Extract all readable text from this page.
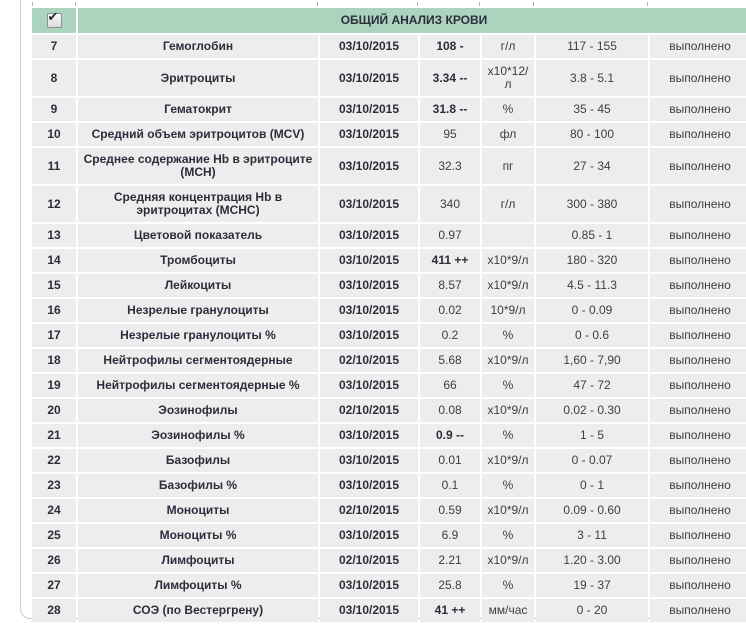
✔	ОБЩИЙ АНАЛИЗ КРОВИ					
7	Гемоглобин	03/10/2015	108 -	г/л	117 - 155	выполнено
8	Эритроциты	03/10/2015	3.34 --	х10*12/л	3.8 - 5.1	выполнено
9	Гематокрит	03/10/2015	31.8 --	%	35 - 45	выполнено
10	Средний объем эритроцитов (MCV)	03/10/2015	95	фл	80 - 100	выполнено
11	Среднее содержание Hb в эритроците (MCH)	03/10/2015	32.3	пг	27 - 34	выполнено
12	Средняя концентрация Hb в эритроцитах (MCHC)	03/10/2015	340	г/л	300 - 380	выполнено
13	Цветовой показатель	03/10/2015	0.97		0.85 - 1	выполнено
14	Тромбоциты	03/10/2015	411 ++	х10*9/л	180 - 320	выполнено
15	Лейкоциты	03/10/2015	8.57	х10*9/л	4.5 - 11.3	выполнено
16	Незрелые гранулоциты	03/10/2015	0.02	10*9/л	0 - 0.09	выполнено
17	Незрелые гранулоциты %	03/10/2015	0.2	%	0 - 0.6	выполнено
18	Нейтрофилы сегментоядерные	02/10/2015	5.68	х10*9/л	1,60 - 7,90	выполнено
19	Нейтрофилы сегментоядерные %	03/10/2015	66	%	47 - 72	выполнено
20	Эозинофилы	02/10/2015	0.08	х10*9/л	0.02 - 0.30	выполнено
21	Эозинофилы %	03/10/2015	0.9 --	%	1 - 5	выполнено
22	Базофилы	03/10/2015	0.01	х10*9/л	0 - 0.07	выполнено
23	Базофилы %	03/10/2015	0.1	%	0 - 1	выполнено
24	Моноциты	02/10/2015	0.59	х10*9/л	0.09 - 0.60	выполнено
25	Моноциты %	03/10/2015	6.9	%	3 - 11	выполнено
26	Лимфоциты	02/10/2015	2.21	х10*9/л	1.20 - 3.00	выполнено
27	Лимфоциты %	03/10/2015	25.8	%	19 - 37	выполнено
28	СОЭ (по Вестергрену)	03/10/2015	41 ++	мм/час	0 - 20	выполнено
